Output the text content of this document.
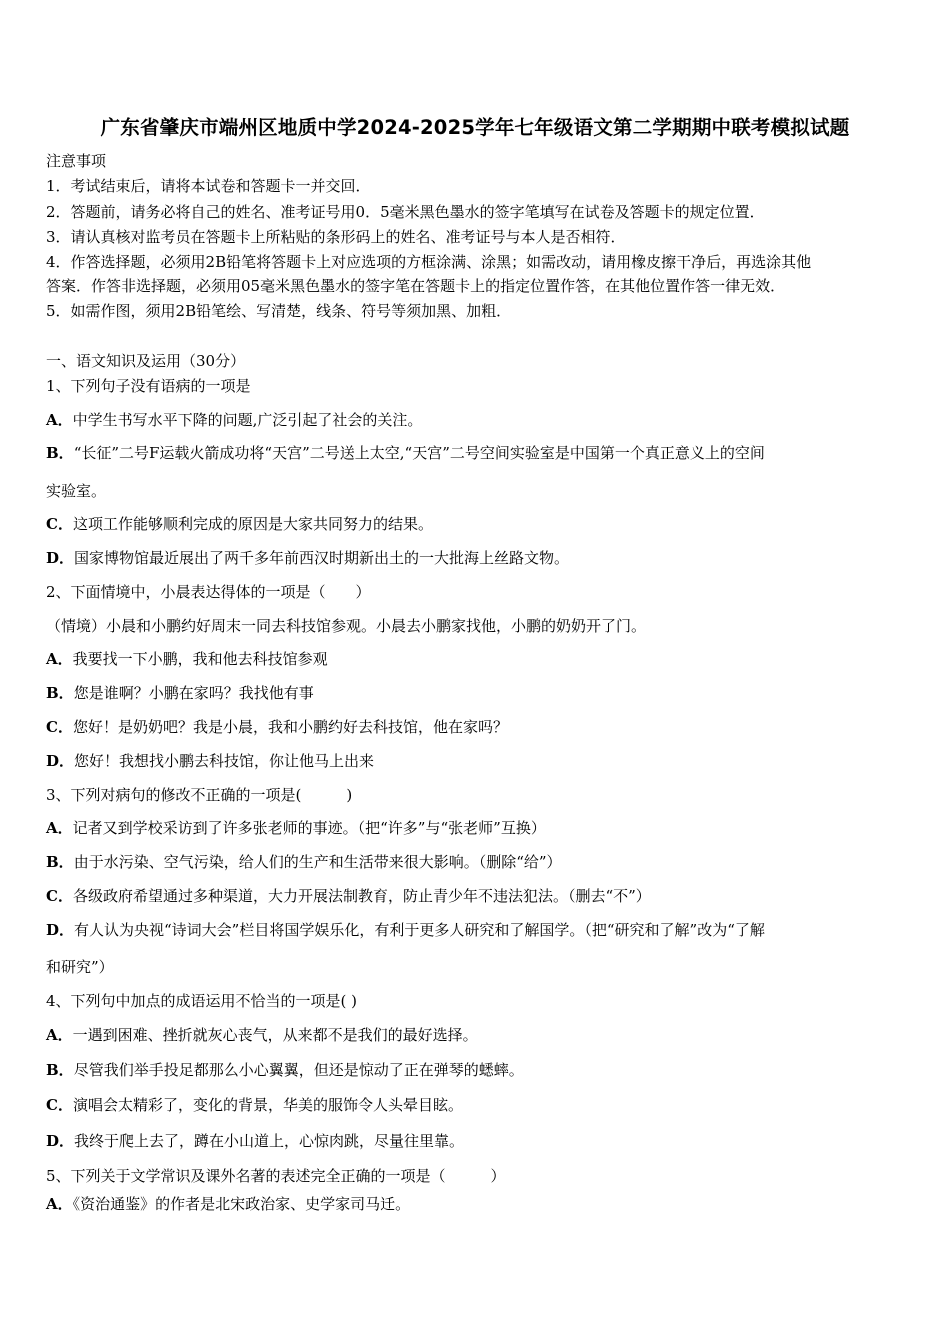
广东省肇庆市端州区地质中学2024-2025学年七年级语文第二学期期中联考模拟试题
注意事项
1．考试结束后，请将本试卷和答题卡一并交回．
2．答题前，请务必将自己的姓名、准考证号用0．5毫米黑色墨水的签字笔填写在试卷及答题卡的规定位置．
3．请认真核对监考员在答题卡上所粘贴的条形码上的姓名、准考证号与本人是否相符．
4．作答选择题，必须用2B铅笔将答题卡上对应选项的方框涂满、涂黑；如需改动，请用橡皮擦干净后，再选涂其他
答案．作答非选择题，必须用05毫米黑色墨水的签字笔在答题卡上的指定位置作答，在其他位置作答一律无效．
5．如需作图，须用2B铅笔绘、写清楚，线条、符号等须加黑、加粗．
一、语文知识及运用（30分）
1、下列句子没有语病的一项是
A．中学生书写水平下降的问题,广泛引起了社会的关注。
B．“长征”二号F运载火箭成功将“天宫”二号送上太空,“天宫”二号空间实验室是中国第一个真正意义上的空间
实验室。
C．这项工作能够顺利完成的原因是大家共同努力的结果。
D．国家博物馆最近展出了两千多年前西汉时期新出土的一大批海上丝路文物。
2、下面情境中，小晨表达得体的一项是（　　）
（情境）小晨和小鹏约好周末一同去科技馆参观。小晨去小鹏家找他，小鹏的奶奶开了门。
A．我要找一下小鹏，我和他去科技馆参观
B．您是谁啊？小鹏在家吗？我找他有事
C．您好！是奶奶吧？我是小晨，我和小鹏约好去科技馆，他在家吗？
D．您好！我想找小鹏去科技馆，你让他马上出来
3、下列对病句的修改不正确的一项是(　　　)
A．记者又到学校采访到了许多张老师的事迹。（把“许多”与“张老师”互换）
B．由于水污染、空气污染，给人们的生产和生活带来很大影响。（删除“给”）
C．各级政府希望通过多种渠道，大力开展法制教育，防止青少年不违法犯法。（删去“不”）
D．有人认为央视“诗词大会”栏目将国学娱乐化，有利于更多人研究和了解国学。（把“研究和了解”改为“了解
和研究”）
4、下列句中加点的成语运用不恰当的一项是( )
A．一遇到困难、挫折就灰心丧气，从来都不是我们的最好选择。
B．尽管我们举手投足都那么小心翼翼，但还是惊动了正在弹琴的蟋蟀。
C．演唱会太精彩了，变化的背景，华美的服饰令人头晕目眩。
D．我终于爬上去了，蹲在小山道上，心惊肉跳，尽量往里靠。
5、下列关于文学常识及课外名著的表述完全正确的一项是（　　　）
A．《资治通鉴》的作者是北宋政治家、史学家司马迁。
